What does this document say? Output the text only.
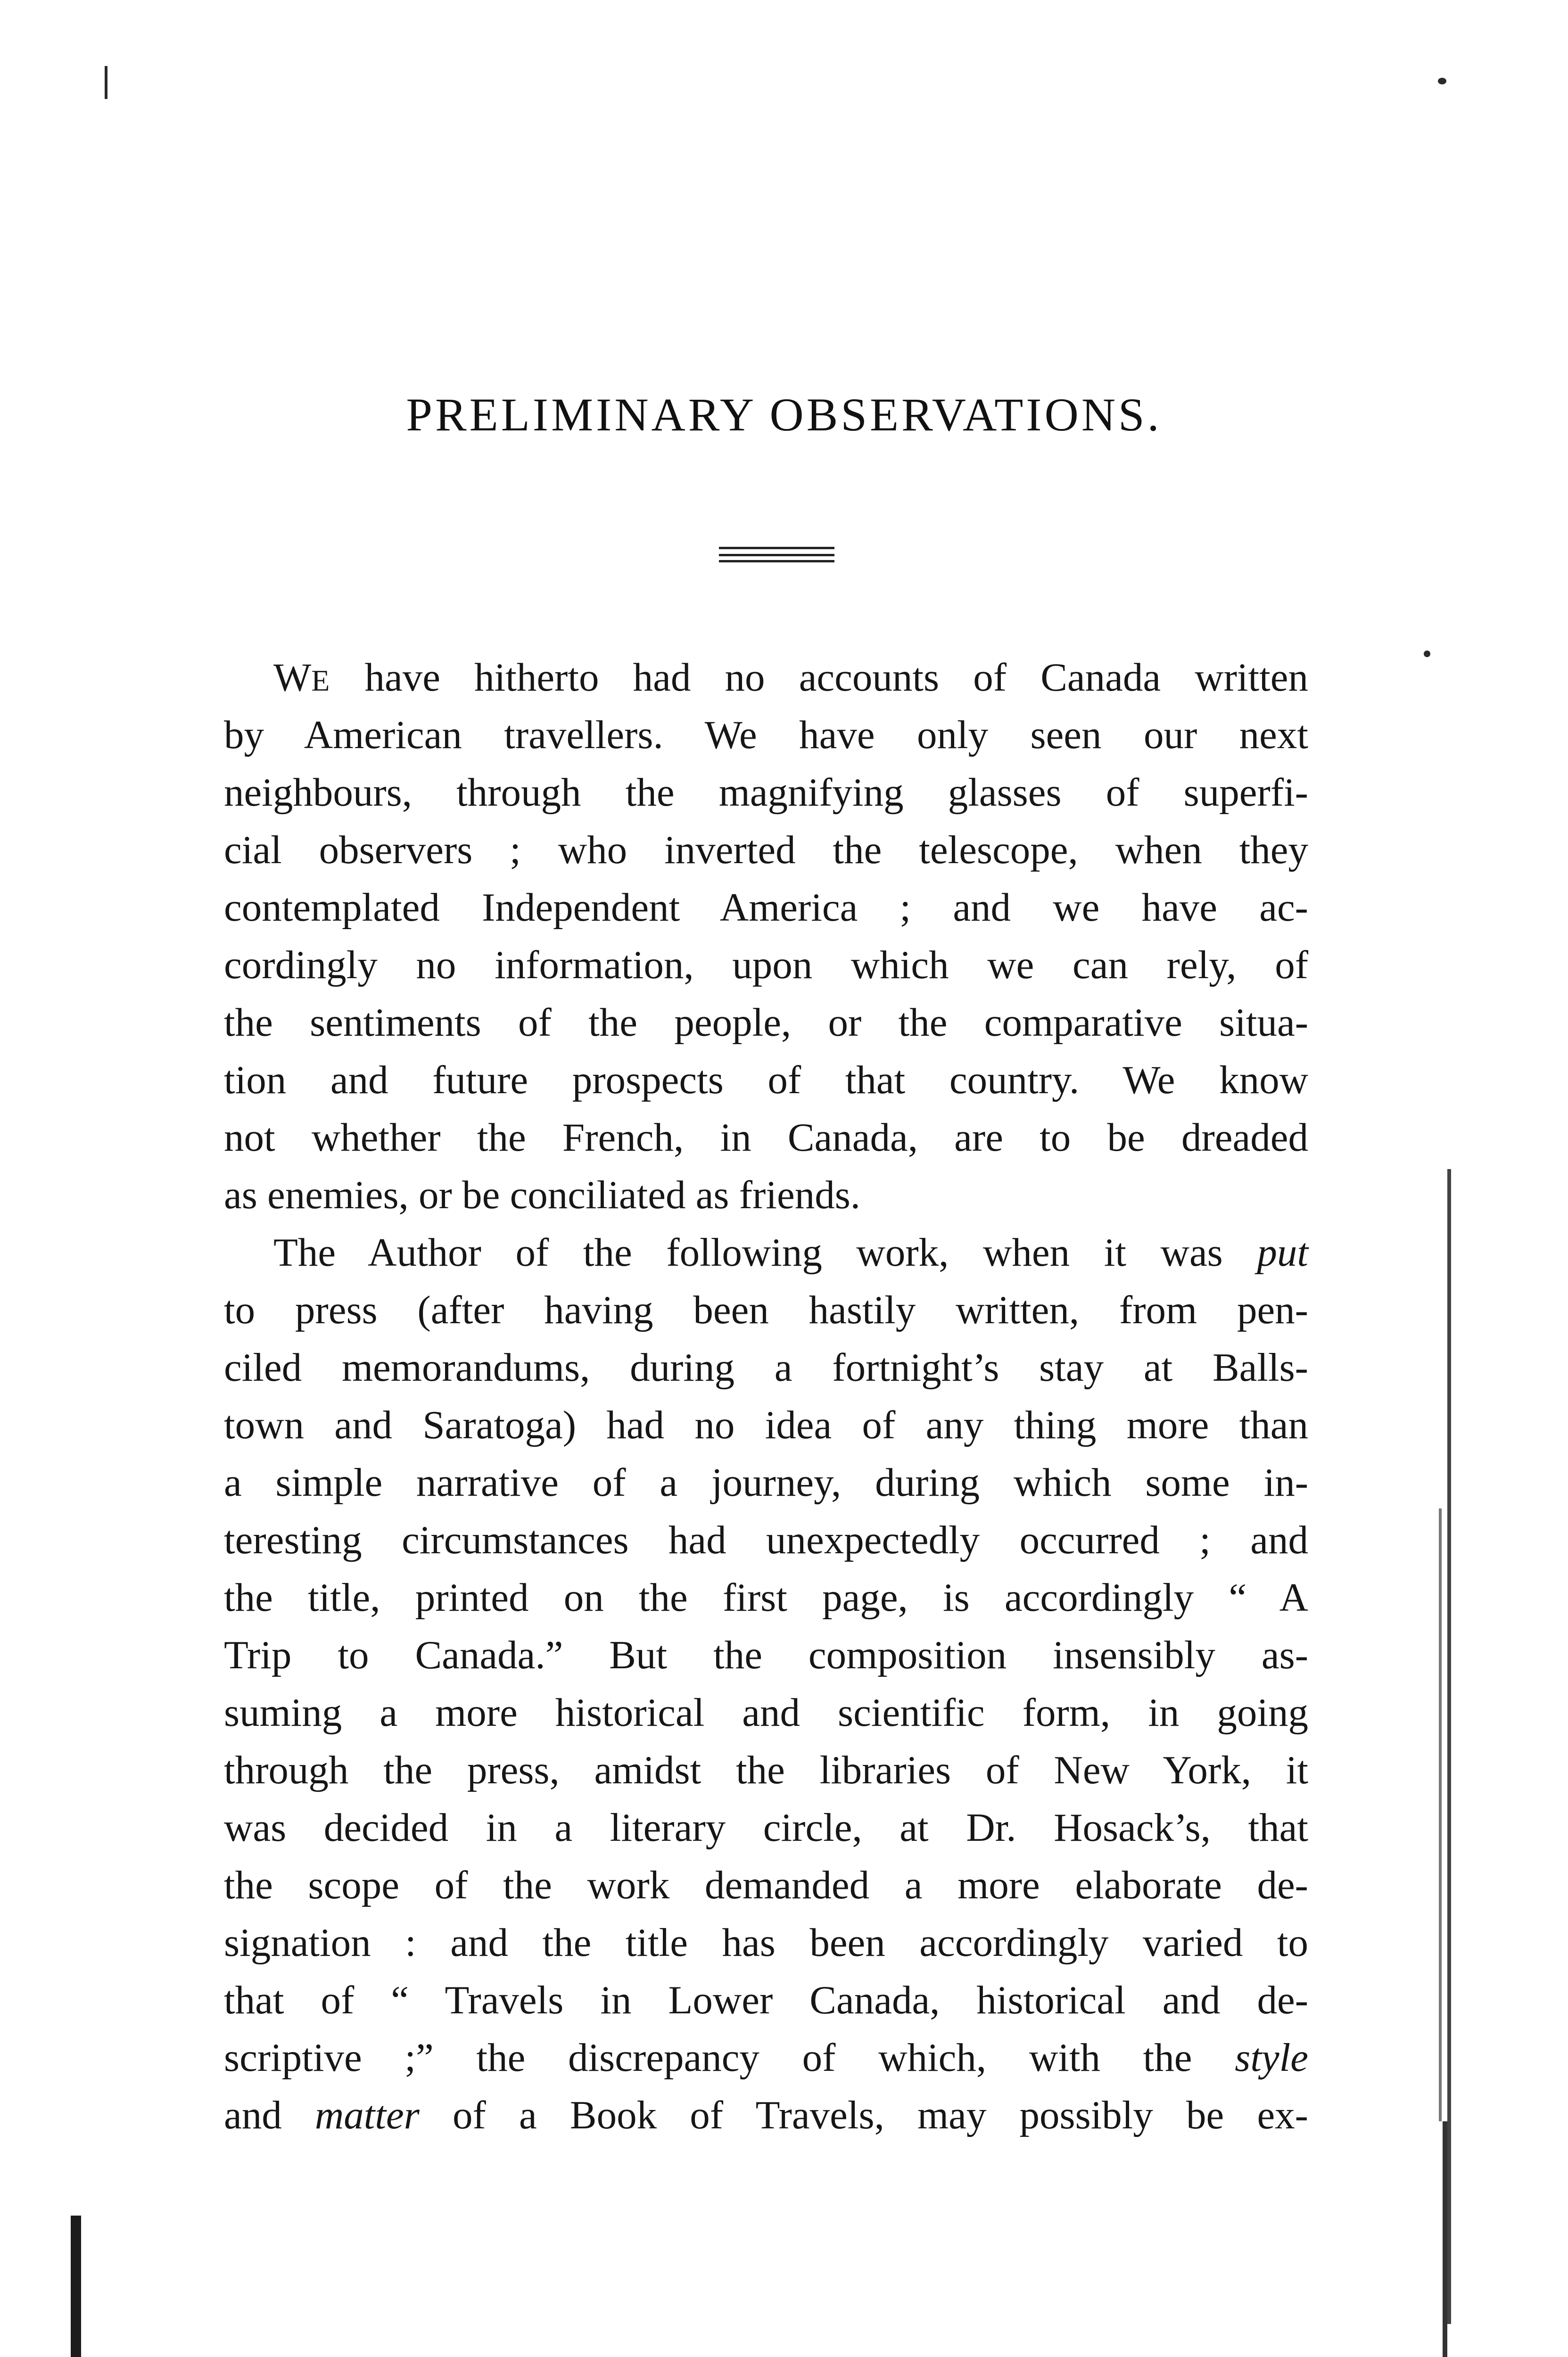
PRELIMINARY OBSERVATIONS.
WE have hitherto had no accounts of Canada written
by American travellers. We have only seen our next
neighbours, through the magnifying glasses of superfi-
cial observers ; who inverted the telescope, when they
contemplated Independent America ; and we have ac-
cordingly no information, upon which we can rely, of
the sentiments of the people, or the comparative situa-
tion and future prospects of that country. We know
not whether the French, in Canada, are to be dreaded
as enemies, or be conciliated as friends.
The Author of the following work, when it was put
to press (after having been hastily written, from pen-
ciled memorandums, during a fortnight’s stay at Balls-
town and Saratoga) had no idea of any thing more than
a simple narrative of a journey, during which some in-
teresting circumstances had unexpectedly occurred ; and
the title, printed on the first page, is accordingly “ A
Trip to Canada.” But the composition insensibly as-
suming a more historical and scientific form, in going
through the press, amidst the libraries of New York, it
was decided in a literary circle, at Dr. Hosack’s, that
the scope of the work demanded a more elaborate de-
signation : and the title has been accordingly varied to
that of “ Travels in Lower Canada, historical and de-
scriptive ;” the discrepancy of which, with the style
and matter of a Book of Travels, may possibly be ex-
